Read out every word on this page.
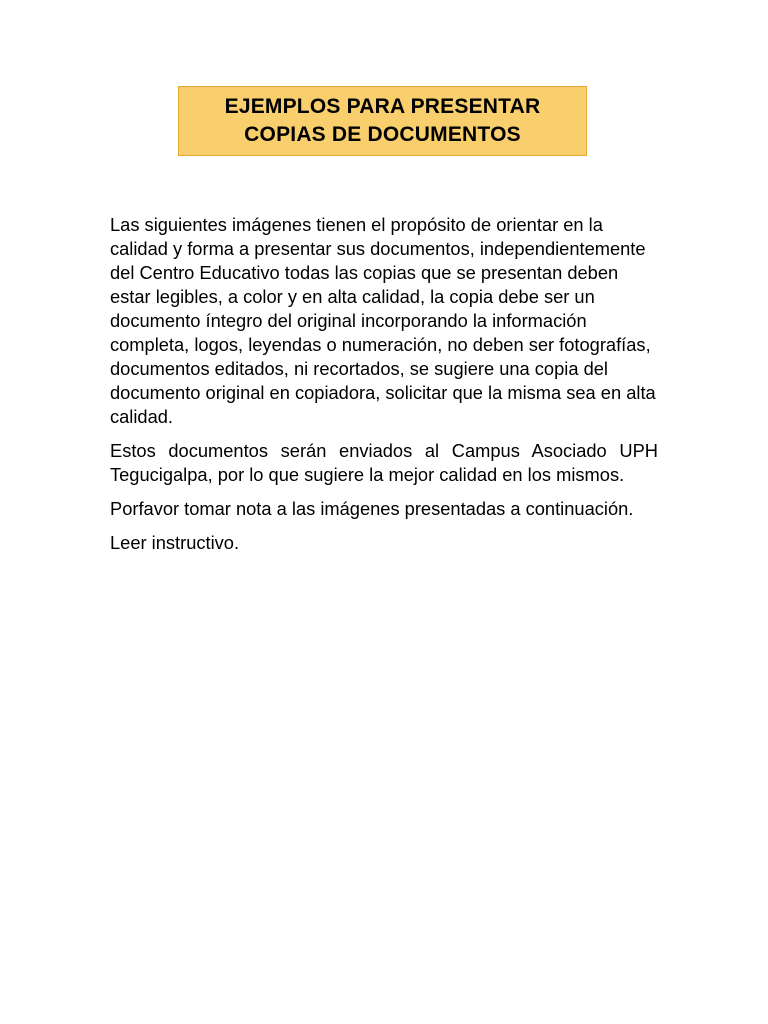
EJEMPLOS PARA PRESENTAR
COPIAS DE DOCUMENTOS

Las siguientes imágenes tienen el propósito de orientar en la calidad y forma a presentar sus documentos, independientemente del Centro Educativo todas las copias que se presentan deben estar legibles, a color y en alta calidad, la copia debe ser un documento íntegro del original incorporando la información completa, logos, leyendas o numeración, no deben ser fotografías, documentos editados, ni recortados, se sugiere una copia del documento original en copiadora, solicitar que la misma sea en alta calidad.

Estos documentos serán enviados al Campus Asociado UPH Tegucigalpa, por lo que sugiere la mejor calidad en los mismos.

Porfavor tomar nota a las imágenes presentadas a continuación.

Leer instructivo.
